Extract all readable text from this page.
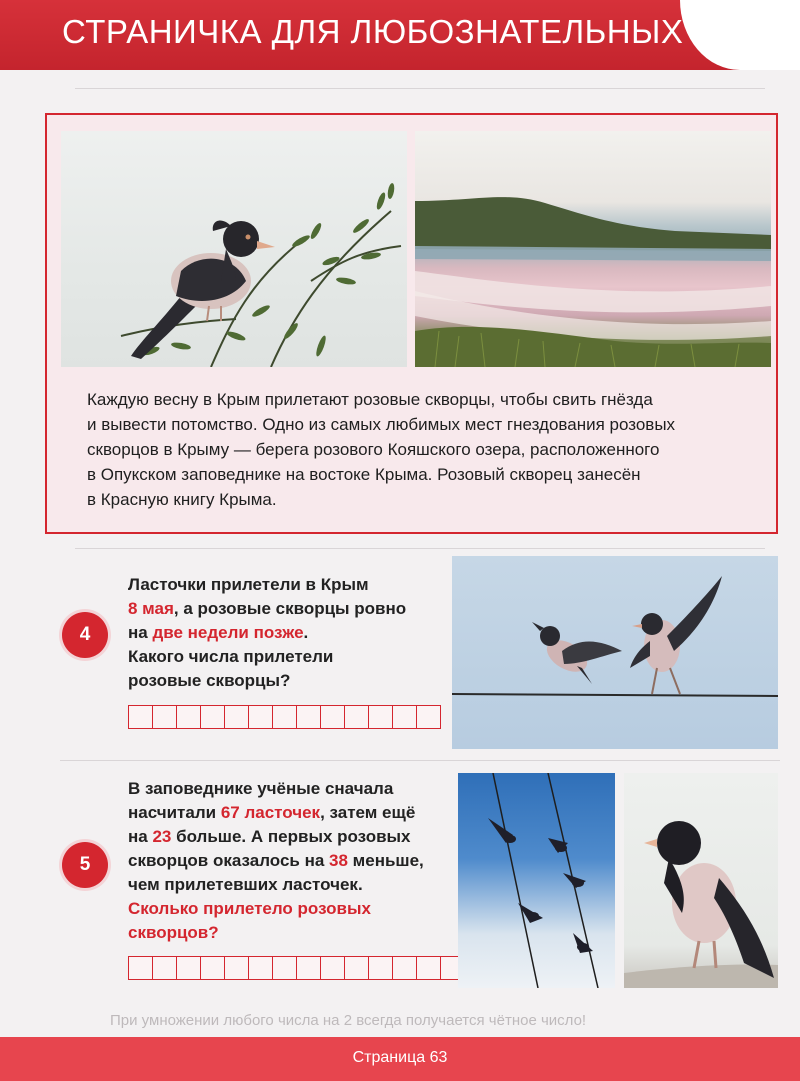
СТРАНИЧКА ДЛЯ ЛЮБОЗНАТЕЛЬНЫХ	ТАБ

Каждую весну в Крым прилетают розовые скворцы, чтобы свить гнёзда

и вывести потомство. Одно из самых любимых мест гнездования розовых

скворцов в Крыму — берега розового Кояшского озера, расположенного

в Опукском заповеднике на востоке Крыма. Розовый скворец занесён

в Красную книгу Крыма.

4
Ласточки прилетели в Крым
8 мая, а розовые скворцы ровно
на две недели позже.
Какого числа прилетели
розовые скворцы?
5
В заповеднике учёные сначала
насчитали 67 ласточек, затем ещё
на 23 больше. А первых розовых
скворцов оказалось на 38 меньше,
чем прилетевших ласточек.
Сколько прилетело розовых
скворцов?
При умножении любого числа на 2 всегда получается чётное число!
Страница 63
